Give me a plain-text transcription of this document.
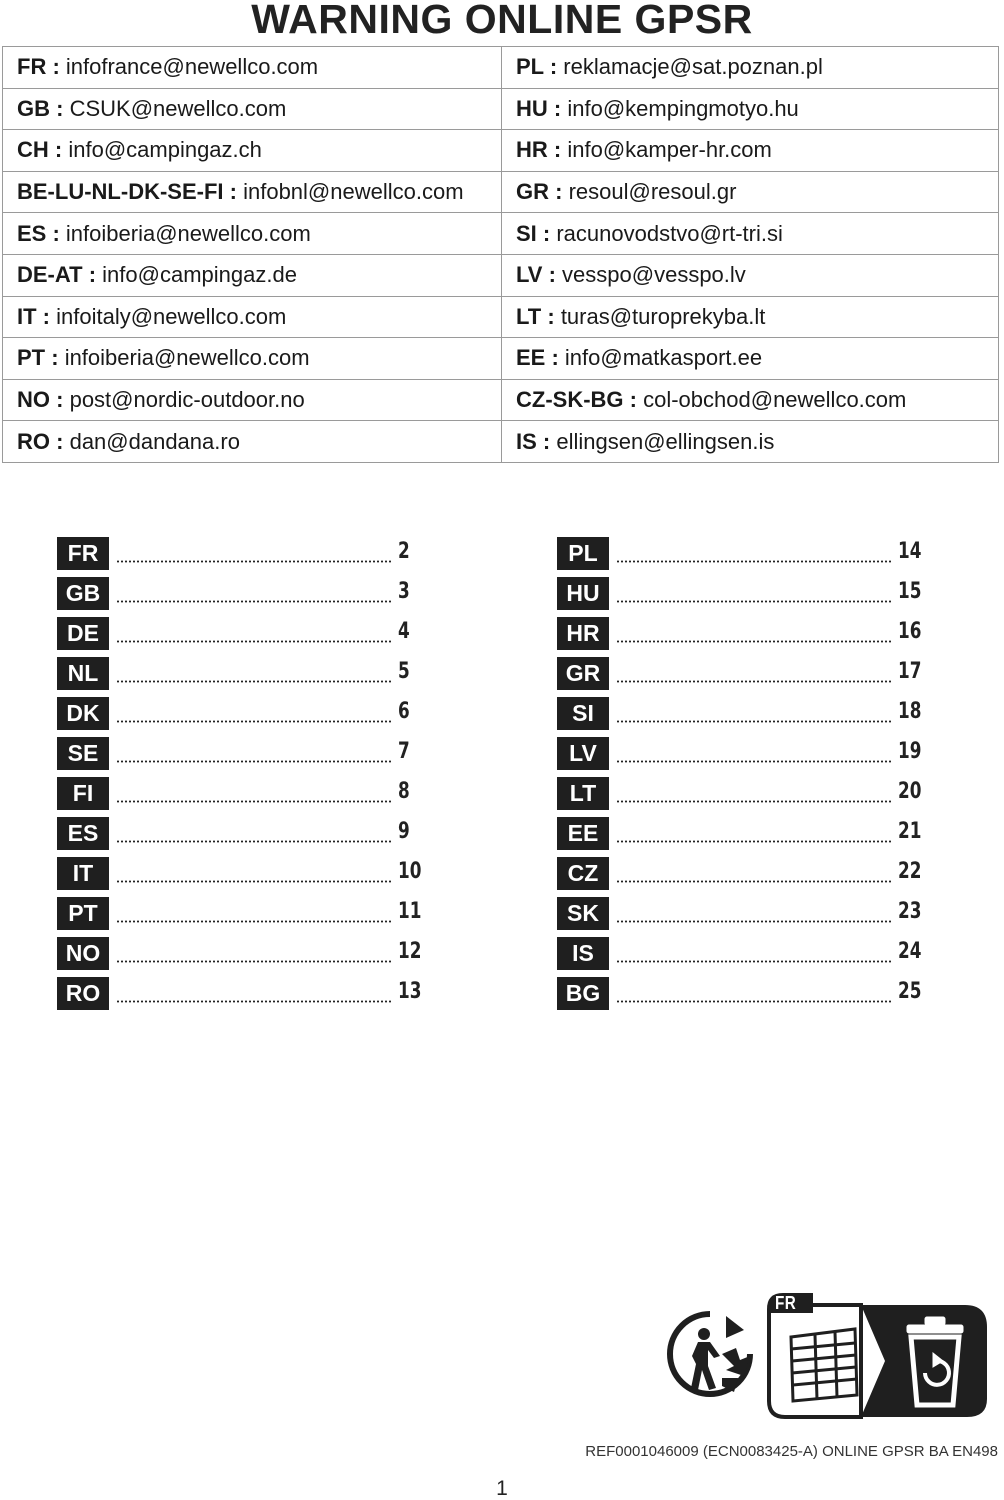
WARNING ONLINE GPSR
FR : infofrance@newellco.com	PL : reklamacje@sat.poznan.pl
GB : CSUK@newellco.com	HU : info@kempingmotyo.hu
CH : info@campingaz.ch	HR : info@kamper-hr.com
BE-LU-NL-DK-SE-FI : infobnl@newellco.com	GR : resoul@resoul.gr
ES : infoiberia@newellco.com	SI : racunovodstvo@rt-tri.si
DE-AT : info@campingaz.de	LV : vesspo@vesspo.lv
IT : infoitaly@newellco.com	LT : turas@turoprekyba.lt
PT : infoiberia@newellco.com	EE : info@matkasport.ee
NO : post@nordic-outdoor.no	CZ-SK-BG : col-obchod@newellco.com
RO : dan@dandana.ro	IS : ellingsen@ellingsen.is
FR	2
GB	3
DE	4
NL	5
DK	6
SE	7
FI	8
ES	9
IT	10
PT	11
NO	12
RO	13
PL	14
HU	15
HR	16
GR	17
SI	18
LV	19
LT	20
EE	21
CZ	22
SK	23
IS	24
BG	25
FR
REF0001046009 (ECN0083425-A) ONLINE GPSR BA EN498
1
